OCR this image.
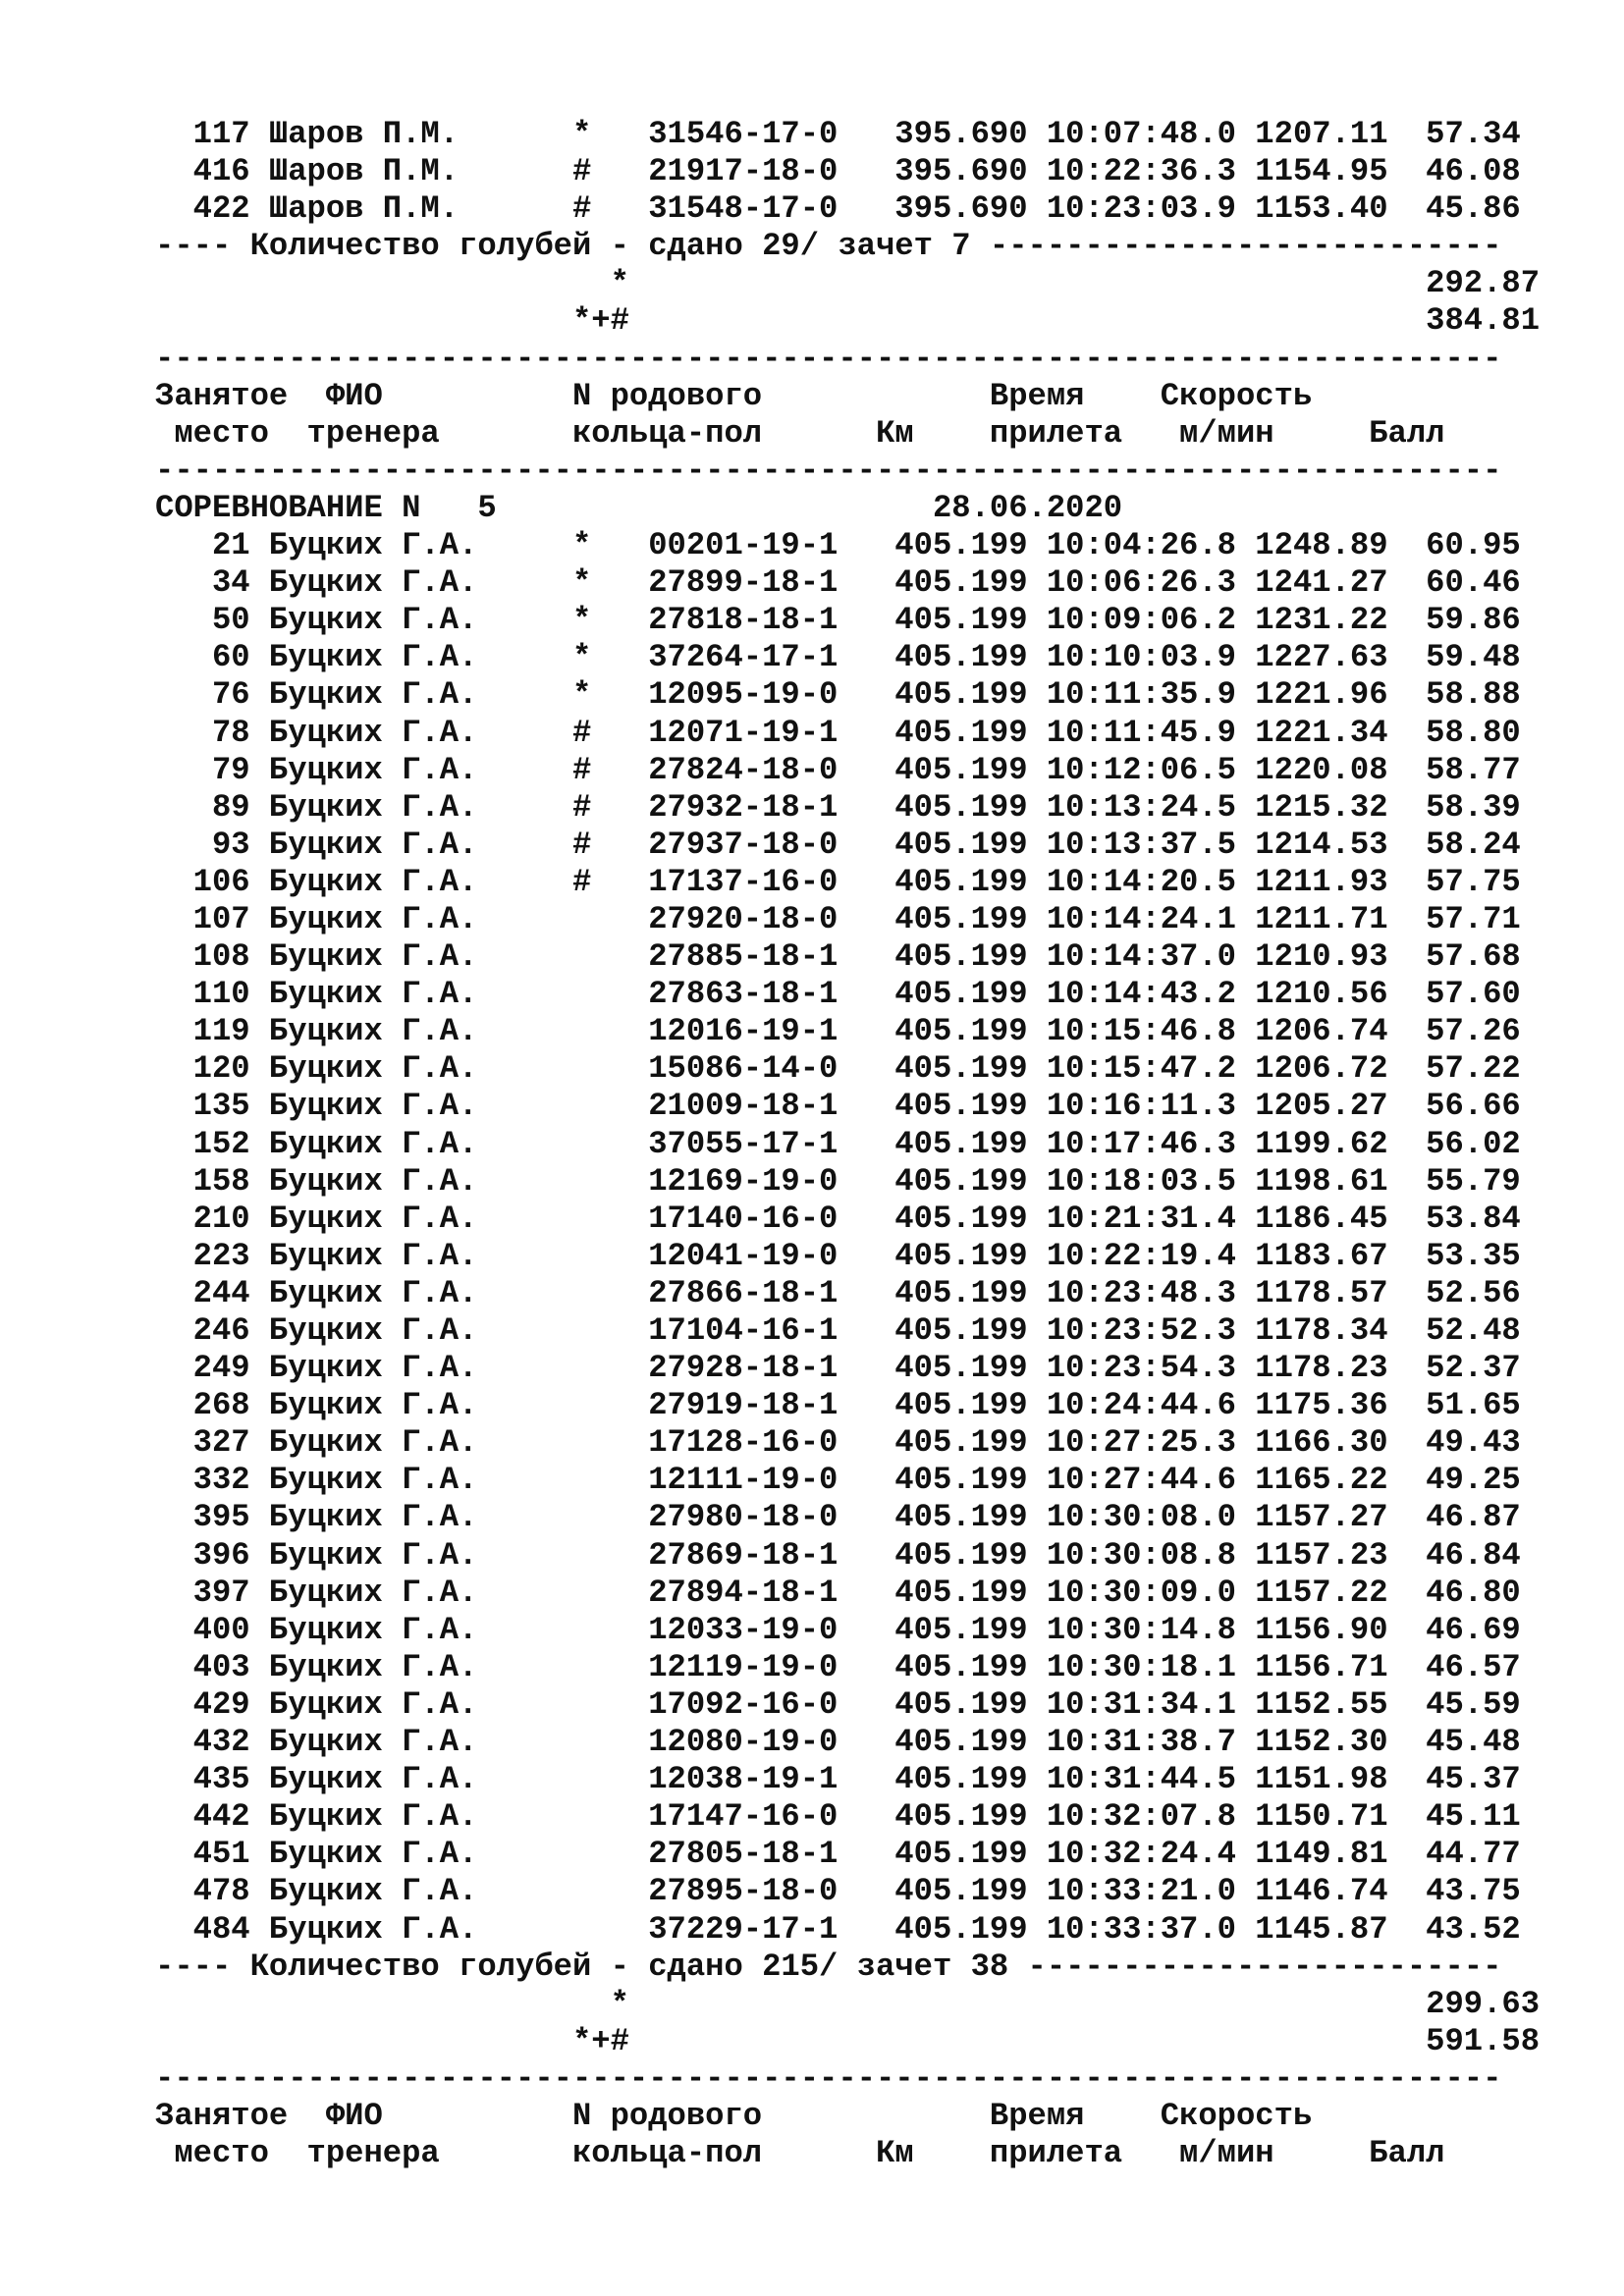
117 Шаров П.М.      *   31546-17-0   395.690 10:07:48.0 1207.11  57.34
416 Шаров П.М.      #   21917-18-0   395.690 10:22:36.3 1154.95  46.08
422 Шаров П.М.      #   31548-17-0   395.690 10:23:03.9 1153.40  45.86
---- Количество голубей - сдано 29/ зачет 7 ---------------------------
*                                          292.87
*+#                                          384.81
-----------------------------------------------------------------------
Занятое  ФИО          N родового            Время    Скорость
место  тренера       кольца-пол      Км    прилета   м/мин     Балл
-----------------------------------------------------------------------
СОРЕВНОВАНИЕ N   5                       28.06.2020
21 Буцких Г.А.     *   00201-19-1   405.199 10:04:26.8 1248.89  60.95
34 Буцких Г.А.     *   27899-18-1   405.199 10:06:26.3 1241.27  60.46
50 Буцких Г.А.     *   27818-18-1   405.199 10:09:06.2 1231.22  59.86
60 Буцких Г.А.     *   37264-17-1   405.199 10:10:03.9 1227.63  59.48
76 Буцких Г.А.     *   12095-19-0   405.199 10:11:35.9 1221.96  58.88
78 Буцких Г.А.     #   12071-19-1   405.199 10:11:45.9 1221.34  58.80
79 Буцких Г.А.     #   27824-18-0   405.199 10:12:06.5 1220.08  58.77
89 Буцких Г.А.     #   27932-18-1   405.199 10:13:24.5 1215.32  58.39
93 Буцких Г.А.     #   27937-18-0   405.199 10:13:37.5 1214.53  58.24
106 Буцких Г.А.     #   17137-16-0   405.199 10:14:20.5 1211.93  57.75
107 Буцких Г.А.         27920-18-0   405.199 10:14:24.1 1211.71  57.71
108 Буцких Г.А.         27885-18-1   405.199 10:14:37.0 1210.93  57.68
110 Буцких Г.А.         27863-18-1   405.199 10:14:43.2 1210.56  57.60
119 Буцких Г.А.         12016-19-1   405.199 10:15:46.8 1206.74  57.26
120 Буцких Г.А.         15086-14-0   405.199 10:15:47.2 1206.72  57.22
135 Буцких Г.А.         21009-18-1   405.199 10:16:11.3 1205.27  56.66
152 Буцких Г.А.         37055-17-1   405.199 10:17:46.3 1199.62  56.02
158 Буцких Г.А.         12169-19-0   405.199 10:18:03.5 1198.61  55.79
210 Буцких Г.А.         17140-16-0   405.199 10:21:31.4 1186.45  53.84
223 Буцких Г.А.         12041-19-0   405.199 10:22:19.4 1183.67  53.35
244 Буцких Г.А.         27866-18-1   405.199 10:23:48.3 1178.57  52.56
246 Буцких Г.А.         17104-16-1   405.199 10:23:52.3 1178.34  52.48
249 Буцких Г.А.         27928-18-1   405.199 10:23:54.3 1178.23  52.37
268 Буцких Г.А.         27919-18-1   405.199 10:24:44.6 1175.36  51.65
327 Буцких Г.А.         17128-16-0   405.199 10:27:25.3 1166.30  49.43
332 Буцких Г.А.         12111-19-0   405.199 10:27:44.6 1165.22  49.25
395 Буцких Г.А.         27980-18-0   405.199 10:30:08.0 1157.27  46.87
396 Буцких Г.А.         27869-18-1   405.199 10:30:08.8 1157.23  46.84
397 Буцких Г.А.         27894-18-1   405.199 10:30:09.0 1157.22  46.80
400 Буцких Г.А.         12033-19-0   405.199 10:30:14.8 1156.90  46.69
403 Буцких Г.А.         12119-19-0   405.199 10:30:18.1 1156.71  46.57
429 Буцких Г.А.         17092-16-0   405.199 10:31:34.1 1152.55  45.59
432 Буцких Г.А.         12080-19-0   405.199 10:31:38.7 1152.30  45.48
435 Буцких Г.А.         12038-19-1   405.199 10:31:44.5 1151.98  45.37
442 Буцких Г.А.         17147-16-0   405.199 10:32:07.8 1150.71  45.11
451 Буцких Г.А.         27805-18-1   405.199 10:32:24.4 1149.81  44.77
478 Буцких Г.А.         27895-18-0   405.199 10:33:21.0 1146.74  43.75
484 Буцких Г.А.         37229-17-1   405.199 10:33:37.0 1145.87  43.52
---- Количество голубей - сдано 215/ зачет 38 -------------------------
*                                          299.63
*+#                                          591.58
-----------------------------------------------------------------------
Занятое  ФИО          N родового            Время    Скорость
место  тренера       кольца-пол      Км    прилета   м/мин     Балл
